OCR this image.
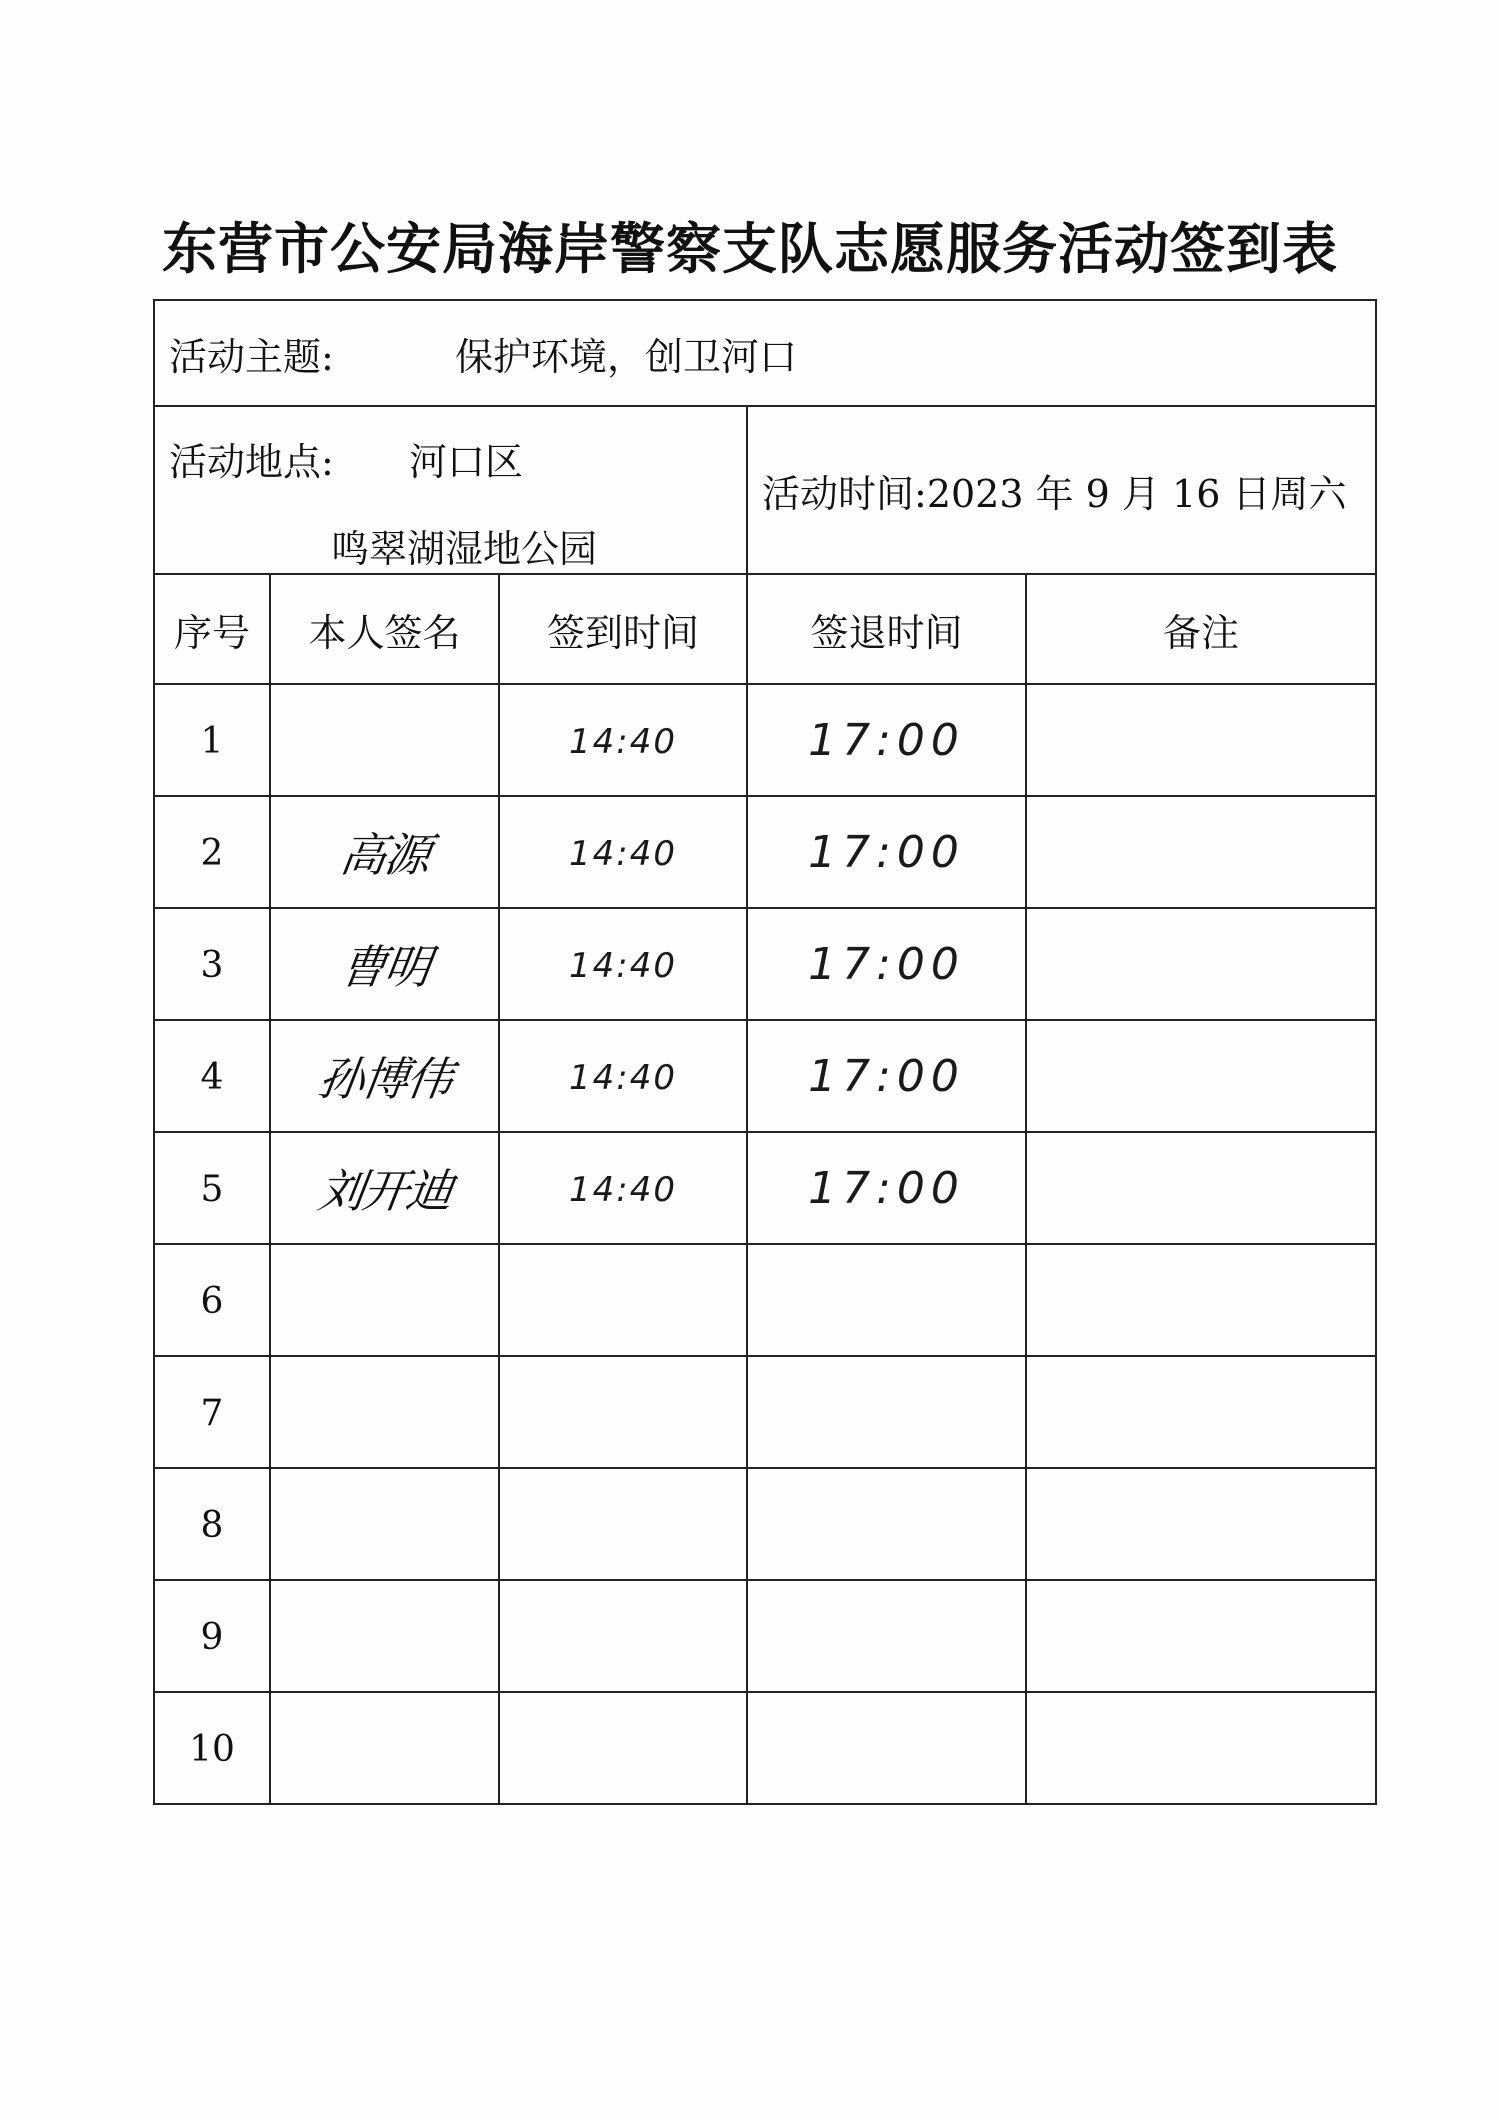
东营市公安局海岸警察支队志愿服务活动签到表
活动主题: 保护环境，创卫河口				

活动地点: 河口区
鸣翠湖湿地公园			活动时间:2023 年 9 月 16 日周六	
序号	本人签名	签到时间	签退时间	备注
1		14:40	17:00	
2	高源	14:40	17:00	
3	曹明	14:40	17:00	
4	孙博伟	14:40	17:00	
5	刘开迪	14:40	17:00	
6				
7				
8				
9				
10				
